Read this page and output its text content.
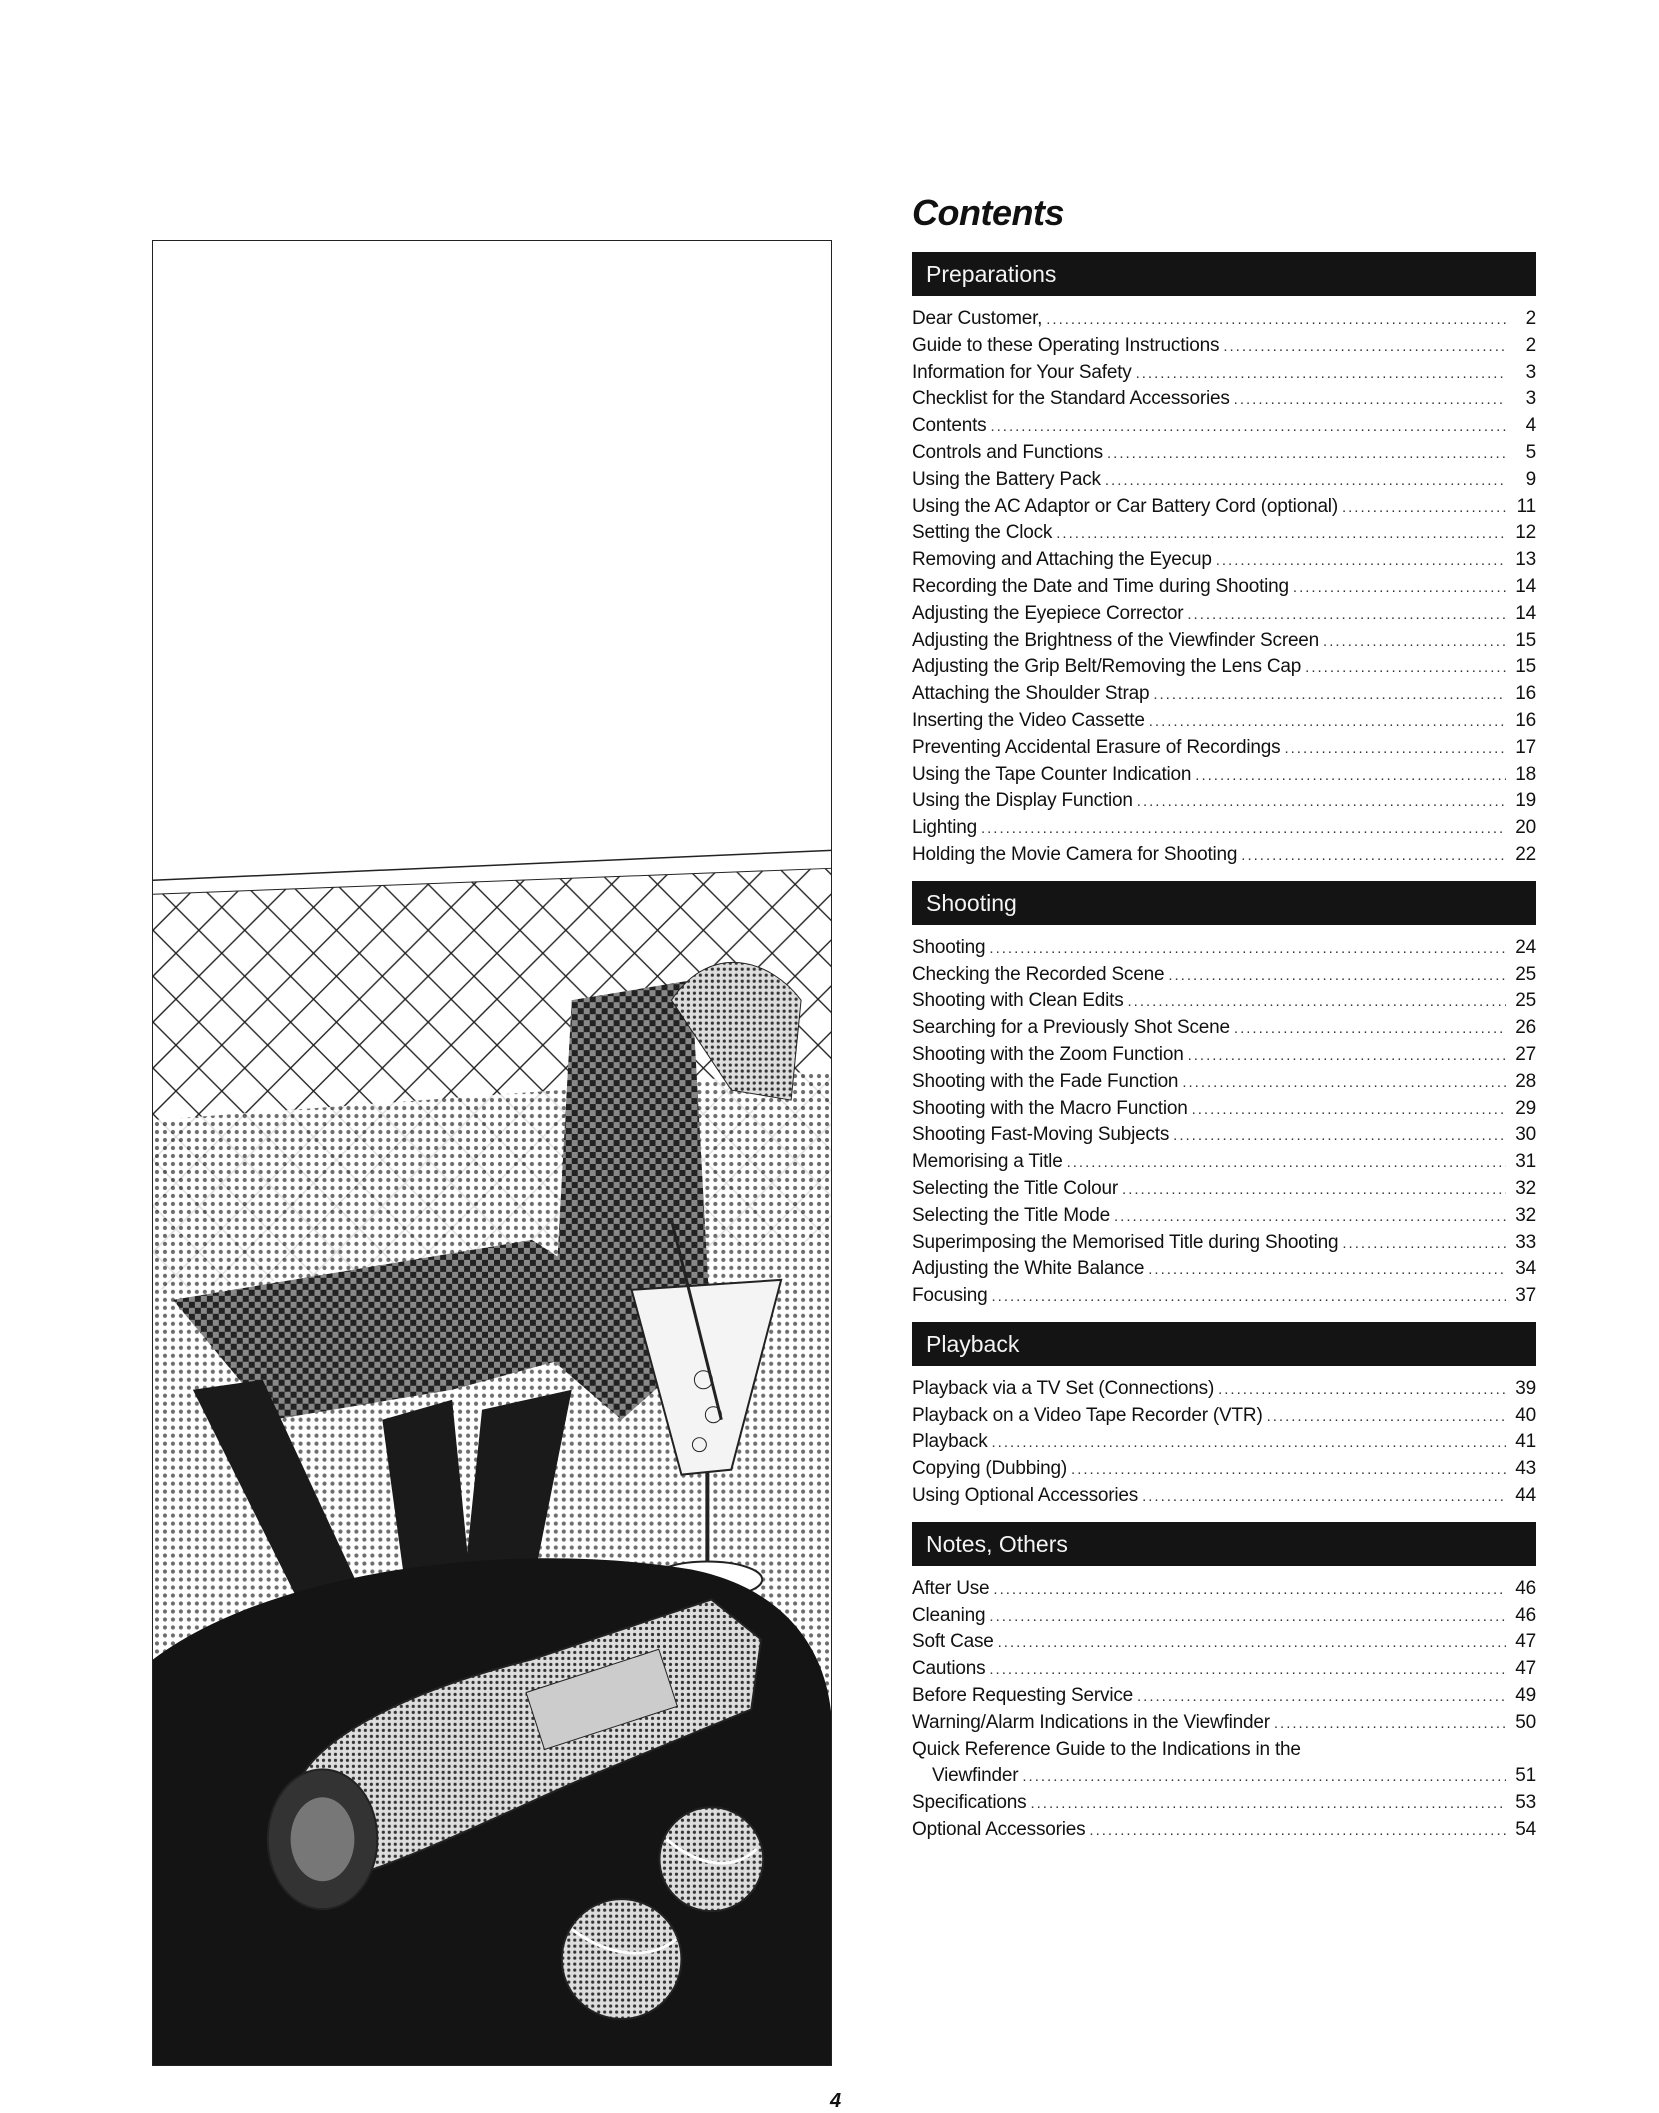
Contents
Preparations
Dear Customer, .....	2
Guide to these Operating Instructions .....	2
Information for Your Safety .....	3
Checklist for the Standard Accessories .....	3
Contents .....	4
Controls and Functions .....	5
Using the Battery Pack .....	9
Using the AC Adaptor or Car Battery Cord (optional) .....	11
Setting the Clock .....	12
Removing and Attaching the Eyecup .....	13
Recording the Date and Time during Shooting .....	14
Adjusting the Eyepiece Corrector .....	14
Adjusting the Brightness of the Viewfinder Screen .....	15
Adjusting the Grip Belt/Removing the Lens Cap .....	15
Attaching the Shoulder Strap .....	16
Inserting the Video Cassette .....	16
Preventing Accidental Erasure of Recordings .....	17
Using the Tape Counter Indication .....	18
Using the Display Function .....	19
Lighting .....	20
Holding the Movie Camera for Shooting .....	22
Shooting
Shooting .....	24
Checking the Recorded Scene .....	25
Shooting with Clean Edits .....	25
Searching for a Previously Shot Scene .....	26
Shooting with the Zoom Function .....	27
Shooting with the Fade Function .....	28
Shooting with the Macro Function .....	29
Shooting Fast-Moving Subjects .....	30
Memorising a Title .....	31
Selecting the Title Colour .....	32
Selecting the Title Mode .....	32
Superimposing the Memorised Title during Shooting .....	33
Adjusting the White Balance .....	34
Focusing .....	37
Playback
Playback via a TV Set (Connections) .....	39
Playback on a Video Tape Recorder (VTR) .....	40
Playback .....	41
Copying (Dubbing) .....	43
Using Optional Accessories .....	44
Notes, Others
After Use .....	46
Cleaning .....	46
Soft Case .....	47
Cautions .....	47
Before Requesting Service .....	49
Warning/Alarm Indications in the Viewfinder .....	50
Quick Reference Guide to the Indications in the
Viewfinder .....	51
Specifications .....	53
Optional Accessories .....	54
4
